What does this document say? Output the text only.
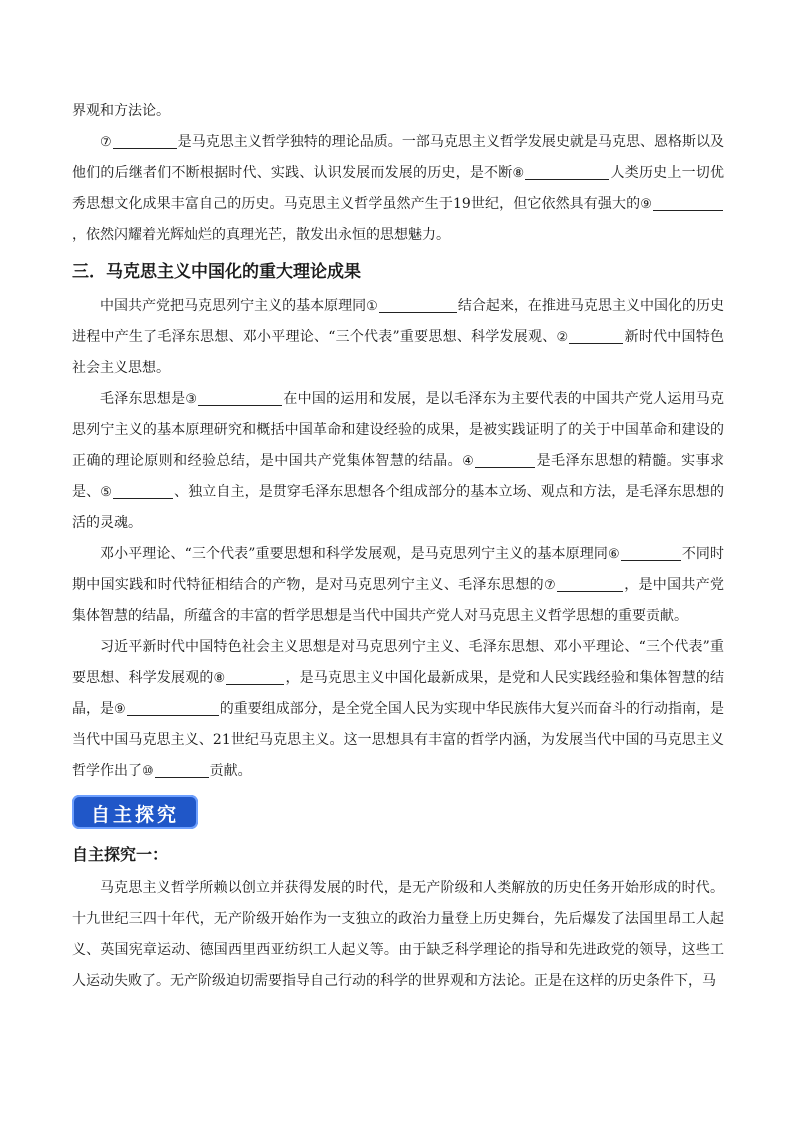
界观和方法论。

⑦	是马克思主义哲学独特的理论品质。一部马克思主义哲学发展史就是马克思、恩格斯以及他们的后继者们不断根据时代、实践、认识发展而发展的历史，是不断⑧	人类历史上一切优秀思想文化成果丰富自己的历史。马克思主义哲学虽然产生于19世纪，但它依然具有强大的⑨，依然闪耀着光辉灿烂的真理光芒，散发出永恒的思想魅力。

三．马克思主义中国化的重大理论成果

中国共产党把马克思列宁主义的基本原理同①	结合起来，在推进马克思主义中国化的历史进程中产生了毛泽东思想、邓小平理论、“三个代表”重要思想、科学发展观、②	新时代中国特色社会主义思想。

毛泽东思想是③	在中国的运用和发展，是以毛泽东为主要代表的中国共产党人运用马克思列宁主义的基本原理研究和概括中国革命和建设经验的成果，是被实践证明了的关于中国革命和建设的正确的理论原则和经验总结，是中国共产党集体智慧的结晶。④	是毛泽东思想的精髓。实事求是、⑤	、独立自主，是贯穿毛泽东思想各个组成部分的基本立场、观点和方法，是毛泽东思想的活的灵魂。

邓小平理论、“三个代表”重要思想和科学发展观，是马克思列宁主义的基本原理同⑥	不同时期中国实践和时代特征相结合的产物，是对马克思列宁主义、毛泽东思想的⑦	，是中国共产党集体智慧的结晶，所蕴含的丰富的哲学思想是当代中国共产党人对马克思主义哲学思想的重要贡献。

习近平新时代中国特色社会主义思想是对马克思列宁主义、毛泽东思想、邓小平理论、“三个代表”重要思想、科学发展观的⑧	，是马克思主义中国化最新成果，是党和人民实践经验和集体智慧的结晶，是⑨	的重要组成部分，是全党全国人民为实现中华民族伟大复兴而奋斗的行动指南，是当代中国马克思主义、21世纪马克思主义。这一思想具有丰富的哲学内涵，为发展当代中国的马克思主义哲学作出了⑩	贡献。

自主探究
自主探究一：

马克思主义哲学所赖以创立并获得发展的时代，是无产阶级和人类解放的历史任务开始形成的时代。十九世纪三四十年代，无产阶级开始作为一支独立的政治力量登上历史舞台，先后爆发了法国里昂工人起义、英国宪章运动、德国西里西亚纺织工人起义等。由于缺乏科学理论的指导和先进政党的领导，这些工人运动失败了。无产阶级迫切需要指导自己行动的科学的世界观和方法论。正是在这样的历史条件下，马
